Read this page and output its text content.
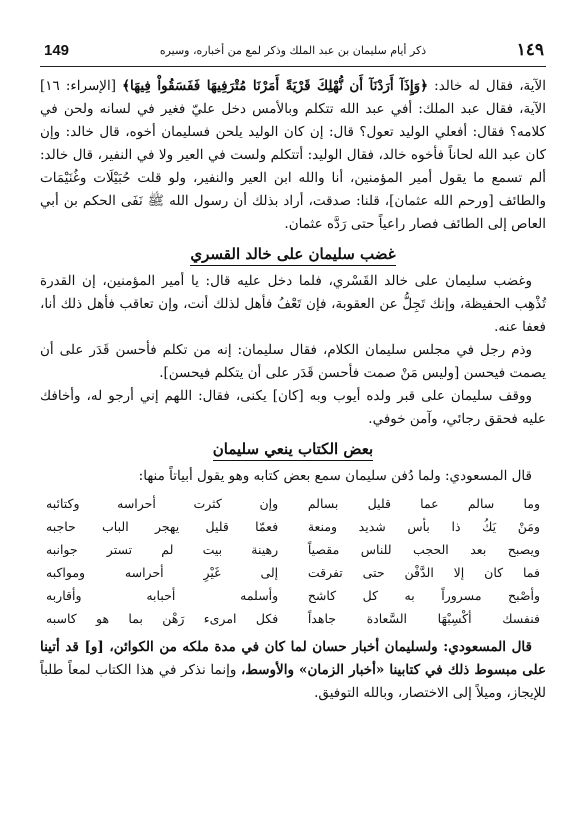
١٤٩
ذكر أيام سليمان بن عبد الملك وذكر لمع من أخباره، وسيره
149

الآية، فقال له خالد: ﴿وَإِذَآ أَرَدْنَآ أَن نُّهْلِكَ قَرْيَةً أَمَرْنَا مُتْرَفِيهَا فَفَسَقُواْ فِيهَا﴾ [الإسراء: ١٦] الآية، فقال عبد الملك: أفي عبد الله تتكلم وبالأمس دخل عليّ فغير في لسانه ولحن في كلامه؟ فقال: أفعلي الوليد تعول؟ قال: إن كان الوليد يلحن فسليمان أخوه، قال خالد: وإن كان عبد الله لحاناً فأخوه خالد، فقال الوليد: أتتكلم ولست في العير ولا في النفير، قال خالد: ألم تسمع ما يقول أمير المؤمنين، أنا والله ابن العير والنفير، ولو قلت حُبَيْلَات وغُنَيْمَات والطائف [ورحم الله عثمان]، قلنا: صدقت، أراد بذلك أن رسول الله ﷺ نَفَى الحكم بن أبي العاص إلى الطائف فصار راعياً حتى رَدَّه عثمان.

غضب سليمان على خالد القسري

وغضب سليمان على خالد القَسْري، فلما دخل عليه قال: يا أمير المؤمنين، إن القدرة تُذْهِب الحفيظة، وإنك تَجِلُّ عن العقوبة، فإن تَعْفُ فأهل لذلك أنت، وإن تعاقب فأهل ذلك أنا، فعفا عنه.

وذم رجل في مجلس سليمان الكلام، فقال سليمان: إنه من تكلم فأحسن قَدَر على أن يصمت فيحسن [وليس مَنْ صمت فأحسن قَدَر على أن يتكلم فيحسن].

ووقف سليمان على قبر ولده أيوب وبه [كان] يكنى، فقال: اللهم إني أرجو له، وأخافك عليه فحقق رجائي، وآمن خوفي.

بعض الكتاب ينعي سليمان

قال المسعودي: ولما دُفن سليمان سمع بعض كتابه وهو يقول أبياتاً منها:

وما سالم عما قليل بسالم
وإن كثرت أحراسه وكتائبه
ومَنْ يَكُ ذا بأس شديد ومنعة
فعمّا قليل يهجر الباب حاجبه
ويصبح بعد الحجب للناس مقصياً
رهينة بيت لم تستر جوانبه
فما كان إلا الدَّفْن حتى تفرقت
إلى غَيْرِ أحراسه ومواكبه
وأصْبح مسروراً به كل كاشح
وأسلمه أحبابه وأقاربه
فنفسك أكْسِبْهَا السَّعادة جاهداً
فكل امرىء رَهْن بما هو كاسبه

قال المسعودي: ولسليمان أخبار حسان لما كان في مدة ملكه من الكوائن، [و] قد أتينا على مبسوط ذلك في كتابينا «أخبار الزمان» والأوسط، وإنما نذكر في هذا الكتاب لمعاً طلباً للإيجاز، وميلاً إلى الاختصار، وبالله التوفيق.
